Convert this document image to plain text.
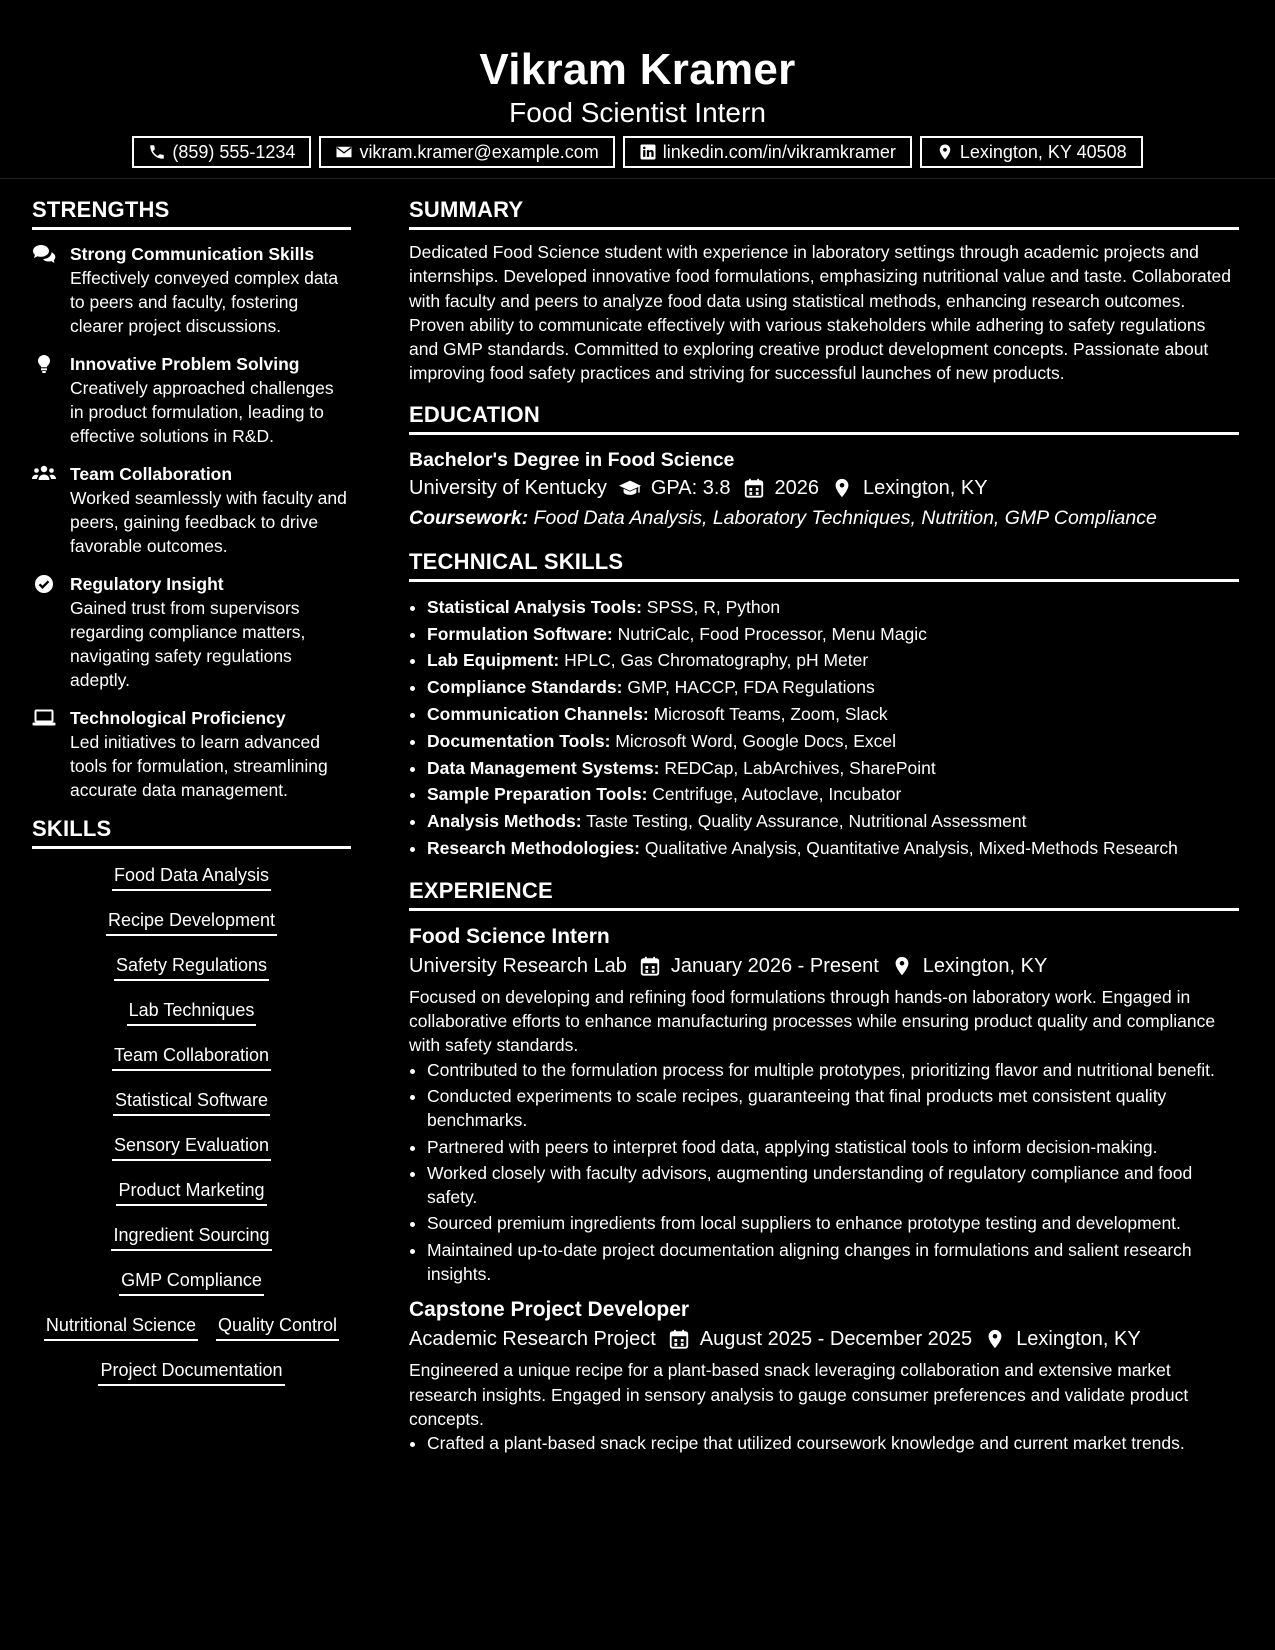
Vikram Kramer
Food Scientist Intern
(859) 555-1234	vikram.kramer@example.com	linkedin.com/in/vikramkramer	Lexington, KY 40508
STRENGTHS
Strong Communication Skills
Effectively conveyed complex data to peers and faculty, fostering clearer project discussions.
Innovative Problem Solving
Creatively approached challenges in product formulation, leading to effective solutions in R&D.
Team Collaboration
Worked seamlessly with faculty and peers, gaining feedback to drive favorable outcomes.
Regulatory Insight
Gained trust from supervisors regarding compliance matters, navigating safety regulations adeptly.
Technological Proficiency
Led initiatives to learn advanced tools for formulation, streamlining accurate data management.
SKILLS
Food Data Analysis
Recipe Development
Safety Regulations
Lab Techniques
Team Collaboration
Statistical Software
Sensory Evaluation
Product Marketing
Ingredient Sourcing
GMP Compliance
Nutritional Science Quality Control
Project Documentation
SUMMARY
Dedicated Food Science student with experience in laboratory settings through academic projects and internships. Developed innovative food formulations, emphasizing nutritional value and taste. Collaborated with faculty and peers to analyze food data using statistical methods, enhancing research outcomes. Proven ability to communicate effectively with various stakeholders while adhering to safety regulations and GMP standards. Committed to exploring creative product development concepts. Passionate about improving food safety practices and striving for successful launches of new products.
EDUCATION
Bachelor's Degree in Food Science
University of Kentucky GPA: 3.8 2026 Lexington, KY
Coursework: Food Data Analysis, Laboratory Techniques, Nutrition, GMP Compliance
TECHNICAL SKILLS
• Statistical Analysis Tools: SPSS, R, Python
• Formulation Software: NutriCalc, Food Processor, Menu Magic
• Lab Equipment: HPLC, Gas Chromatography, pH Meter
• Compliance Standards: GMP, HACCP, FDA Regulations
• Communication Channels: Microsoft Teams, Zoom, Slack
• Documentation Tools: Microsoft Word, Google Docs, Excel
• Data Management Systems: REDCap, LabArchives, SharePoint
• Sample Preparation Tools: Centrifuge, Autoclave, Incubator
• Analysis Methods: Taste Testing, Quality Assurance, Nutritional Assessment
• Research Methodologies: Qualitative Analysis, Quantitative Analysis, Mixed-Methods Research
EXPERIENCE
Food Science Intern
University Research Lab January 2026 - Present Lexington, KY
Focused on developing and refining food formulations through hands-on laboratory work. Engaged in collaborative efforts to enhance manufacturing processes while ensuring product quality and compliance with safety standards.
• Contributed to the formulation process for multiple prototypes, prioritizing flavor and nutritional benefit.
• Conducted experiments to scale recipes, guaranteeing that final products met consistent quality benchmarks.
• Partnered with peers to interpret food data, applying statistical tools to inform decision-making.
• Worked closely with faculty advisors, augmenting understanding of regulatory compliance and food safety.
• Sourced premium ingredients from local suppliers to enhance prototype testing and development.
• Maintained up-to-date project documentation aligning changes in formulations and salient research insights.
Capstone Project Developer
Academic Research Project August 2025 - December 2025 Lexington, KY
Engineered a unique recipe for a plant-based snack leveraging collaboration and extensive market research insights. Engaged in sensory analysis to gauge consumer preferences and validate product concepts.
• Crafted a plant-based snack recipe that utilized coursework knowledge and current market trends.
